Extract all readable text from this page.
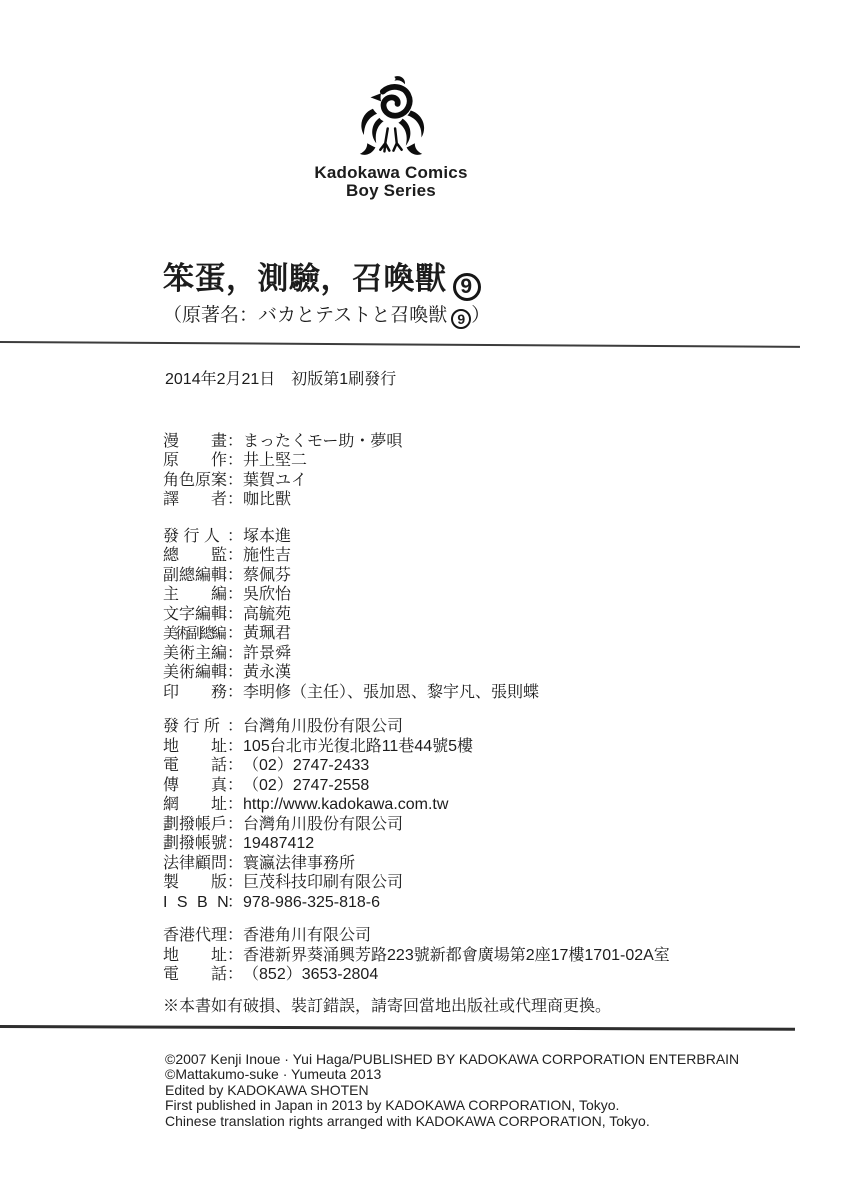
Kadokawa Comics
Boy Series
笨蛋，測驗，召喚獸 9

（原著名：バカとテストと召喚獣 9 ）

2014年2月21日　初版第1刷發行
漫　　畫：まったくモー助・夢唄
原　　作：井上堅二
角色原案：葉賀ユイ
譯　　者：咖比獸
發 行 人 ：塚本進
總　　監：施性吉
副總編輯：蔡佩芬
主　　編：吳欣怡
文字編輯：高毓苑
美術副總編 ：黃珮君
美術主編：許景舜
美術編輯：黃永漢
印　　務：李明修（主任）、張加恩、黎宇凡、張則蝶
發 行 所 ：台灣角川股份有限公司
地　　址：105台北市光復北路11巷44號5樓
電　　話：（02）2747-2433
傳　　真：（02）2747-2558
網　　址：http://www.kadokawa.com.tw
劃撥帳戶：台灣角川股份有限公司
劃撥帳號：19487412
法律顧問：寰瀛法律事務所
製　　版：巨茂科技印刷有限公司
I S B N：978-986-325-818-6
香港代理：香港角川有限公司
地　　址：香港新界葵涌興芳路223號新都會廣場第2座17樓1701-02A室
電　　話：（852）3653-2804
※本書如有破損、裝訂錯誤，請寄回當地出版社或代理商更換。
©2007 Kenji Inoue · Yui Haga/PUBLISHED BY KADOKAWA CORPORATION ENTERBRAIN
©Mattakumo-suke · Yumeuta 2013
Edited by KADOKAWA SHOTEN
First published in Japan in 2013 by KADOKAWA CORPORATION, Tokyo.
Chinese translation rights arranged with KADOKAWA CORPORATION, Tokyo.
